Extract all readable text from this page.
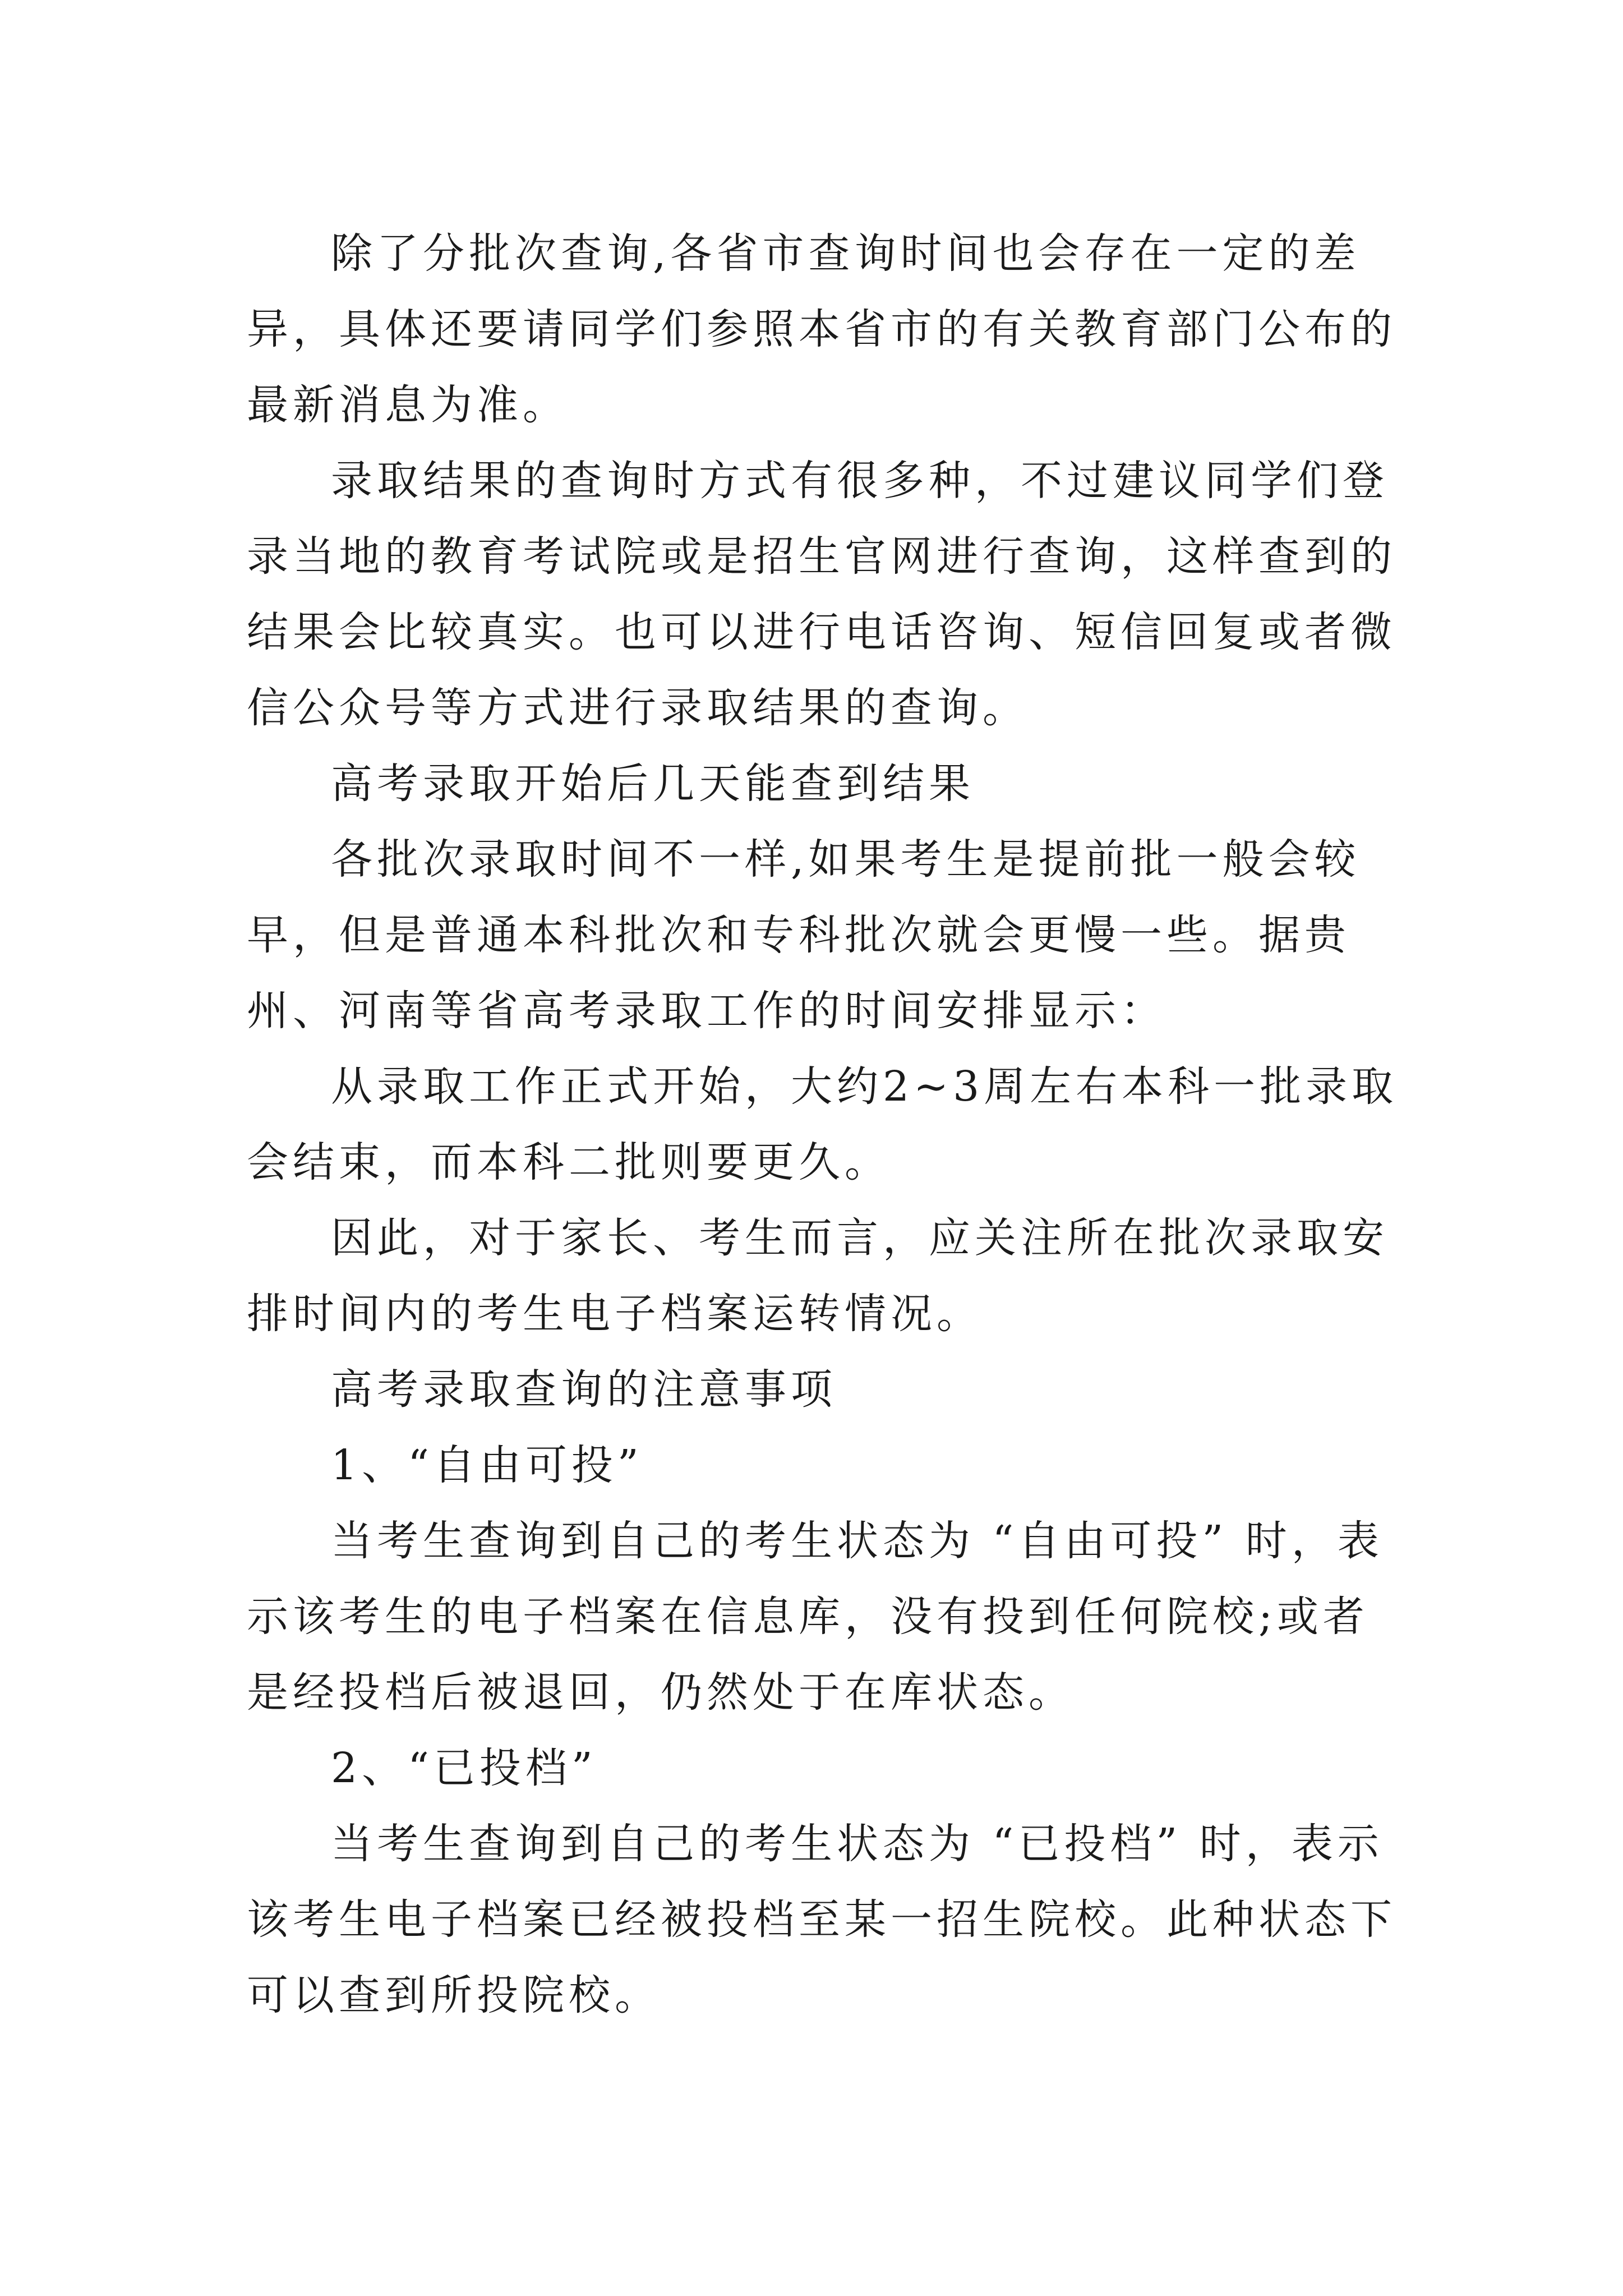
除了分批次查询,各省市查询时间也会存在一定的差异，具体还要请同学们参照本省市的有关教育部门公布的最新消息为准。

录取结果的查询时方式有很多种，不过建议同学们登录当地的教育考试院或是招生官网进行查询，这样查到的结果会比较真实。也可以进行电话咨询、短信回复或者微信公众号等方式进行录取结果的查询。

高考录取开始后几天能查到结果

各批次录取时间不一样,如果考生是提前批一般会较早，但是普通本科批次和专科批次就会更慢一些。据贵州、河南等省高考录取工作的时间安排显示：

从录取工作正式开始，大约2~3周左右本科一批录取会结束，而本科二批则要更久。

因此，对于家长、考生而言，应关注所在批次录取安排时间内的考生电子档案运转情况。

高考录取查询的注意事项

1、“自由可投”

当考生查询到自己的考生状态为 “自由可投” 时，表示该考生的电子档案在信息库，没有投到任何院校;或者是经投档后被退回，仍然处于在库状态。

2、“已投档”

当考生查询到自己的考生状态为 “已投档” 时，表示该考生电子档案已经被投档至某一招生院校。此种状态下可以查到所投院校。
